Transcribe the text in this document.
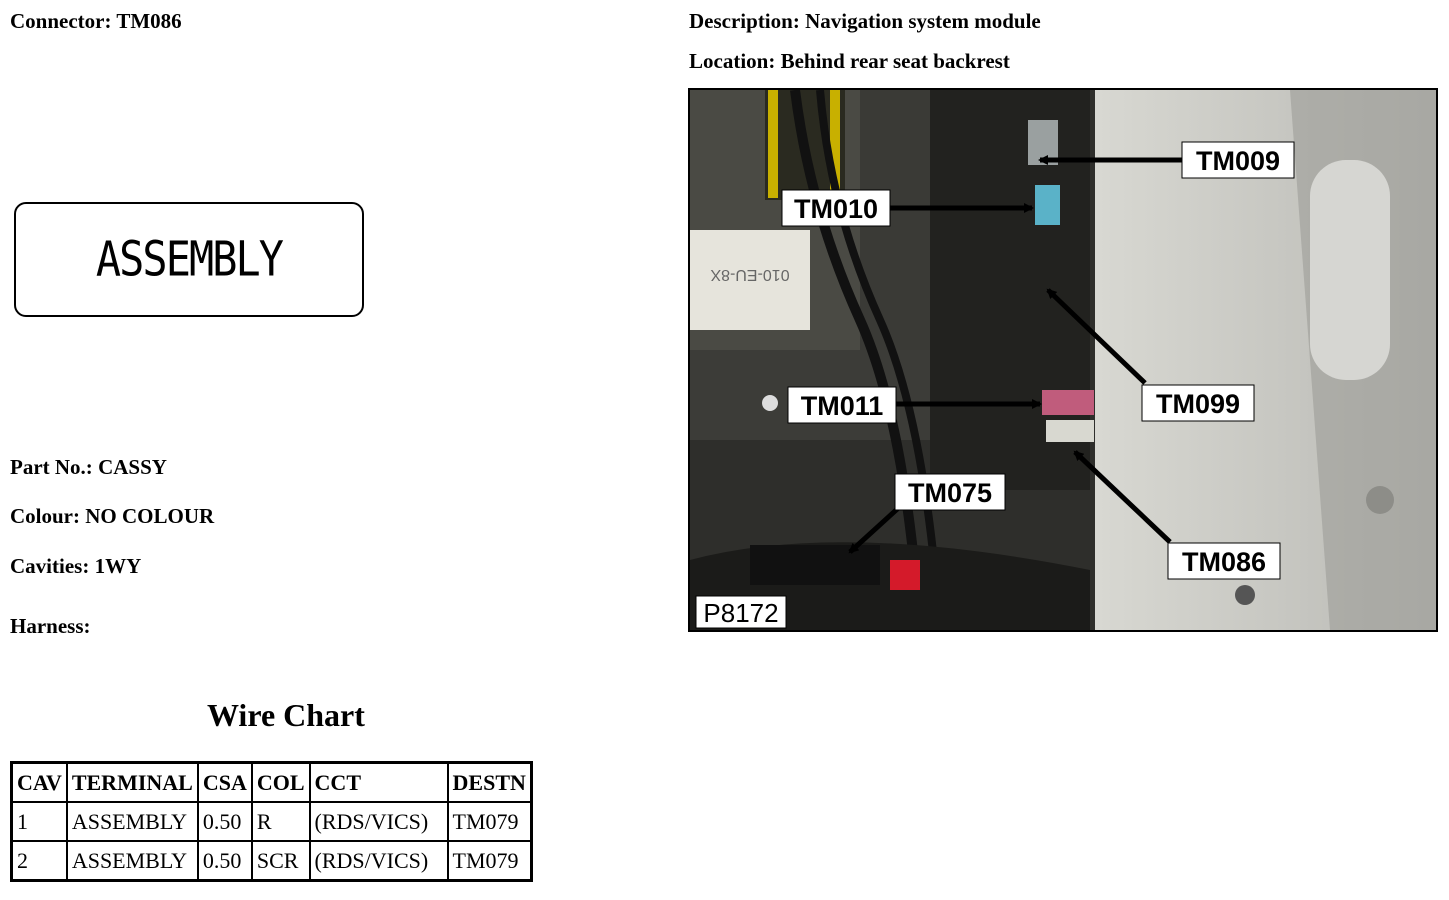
Connector: TM086	Description: Navigation system module
Location: Behind rear seat backrest
ASSEMBLY
Part No.: CASSY
Colour: NO COLOUR
Cavities: 1WY
Harness:
Wire Chart
CAV	TERMINAL	CSA	COL	CCT	DESTN
1	ASSEMBLY	0.50	R	(RDS/VICS)	TM079
2	ASSEMBLY	0.50	SCR	(RDS/VICS)	TM079
010-EU-8X
TM009
TM010
TM099
TM011
TM075
TM086
P8172
